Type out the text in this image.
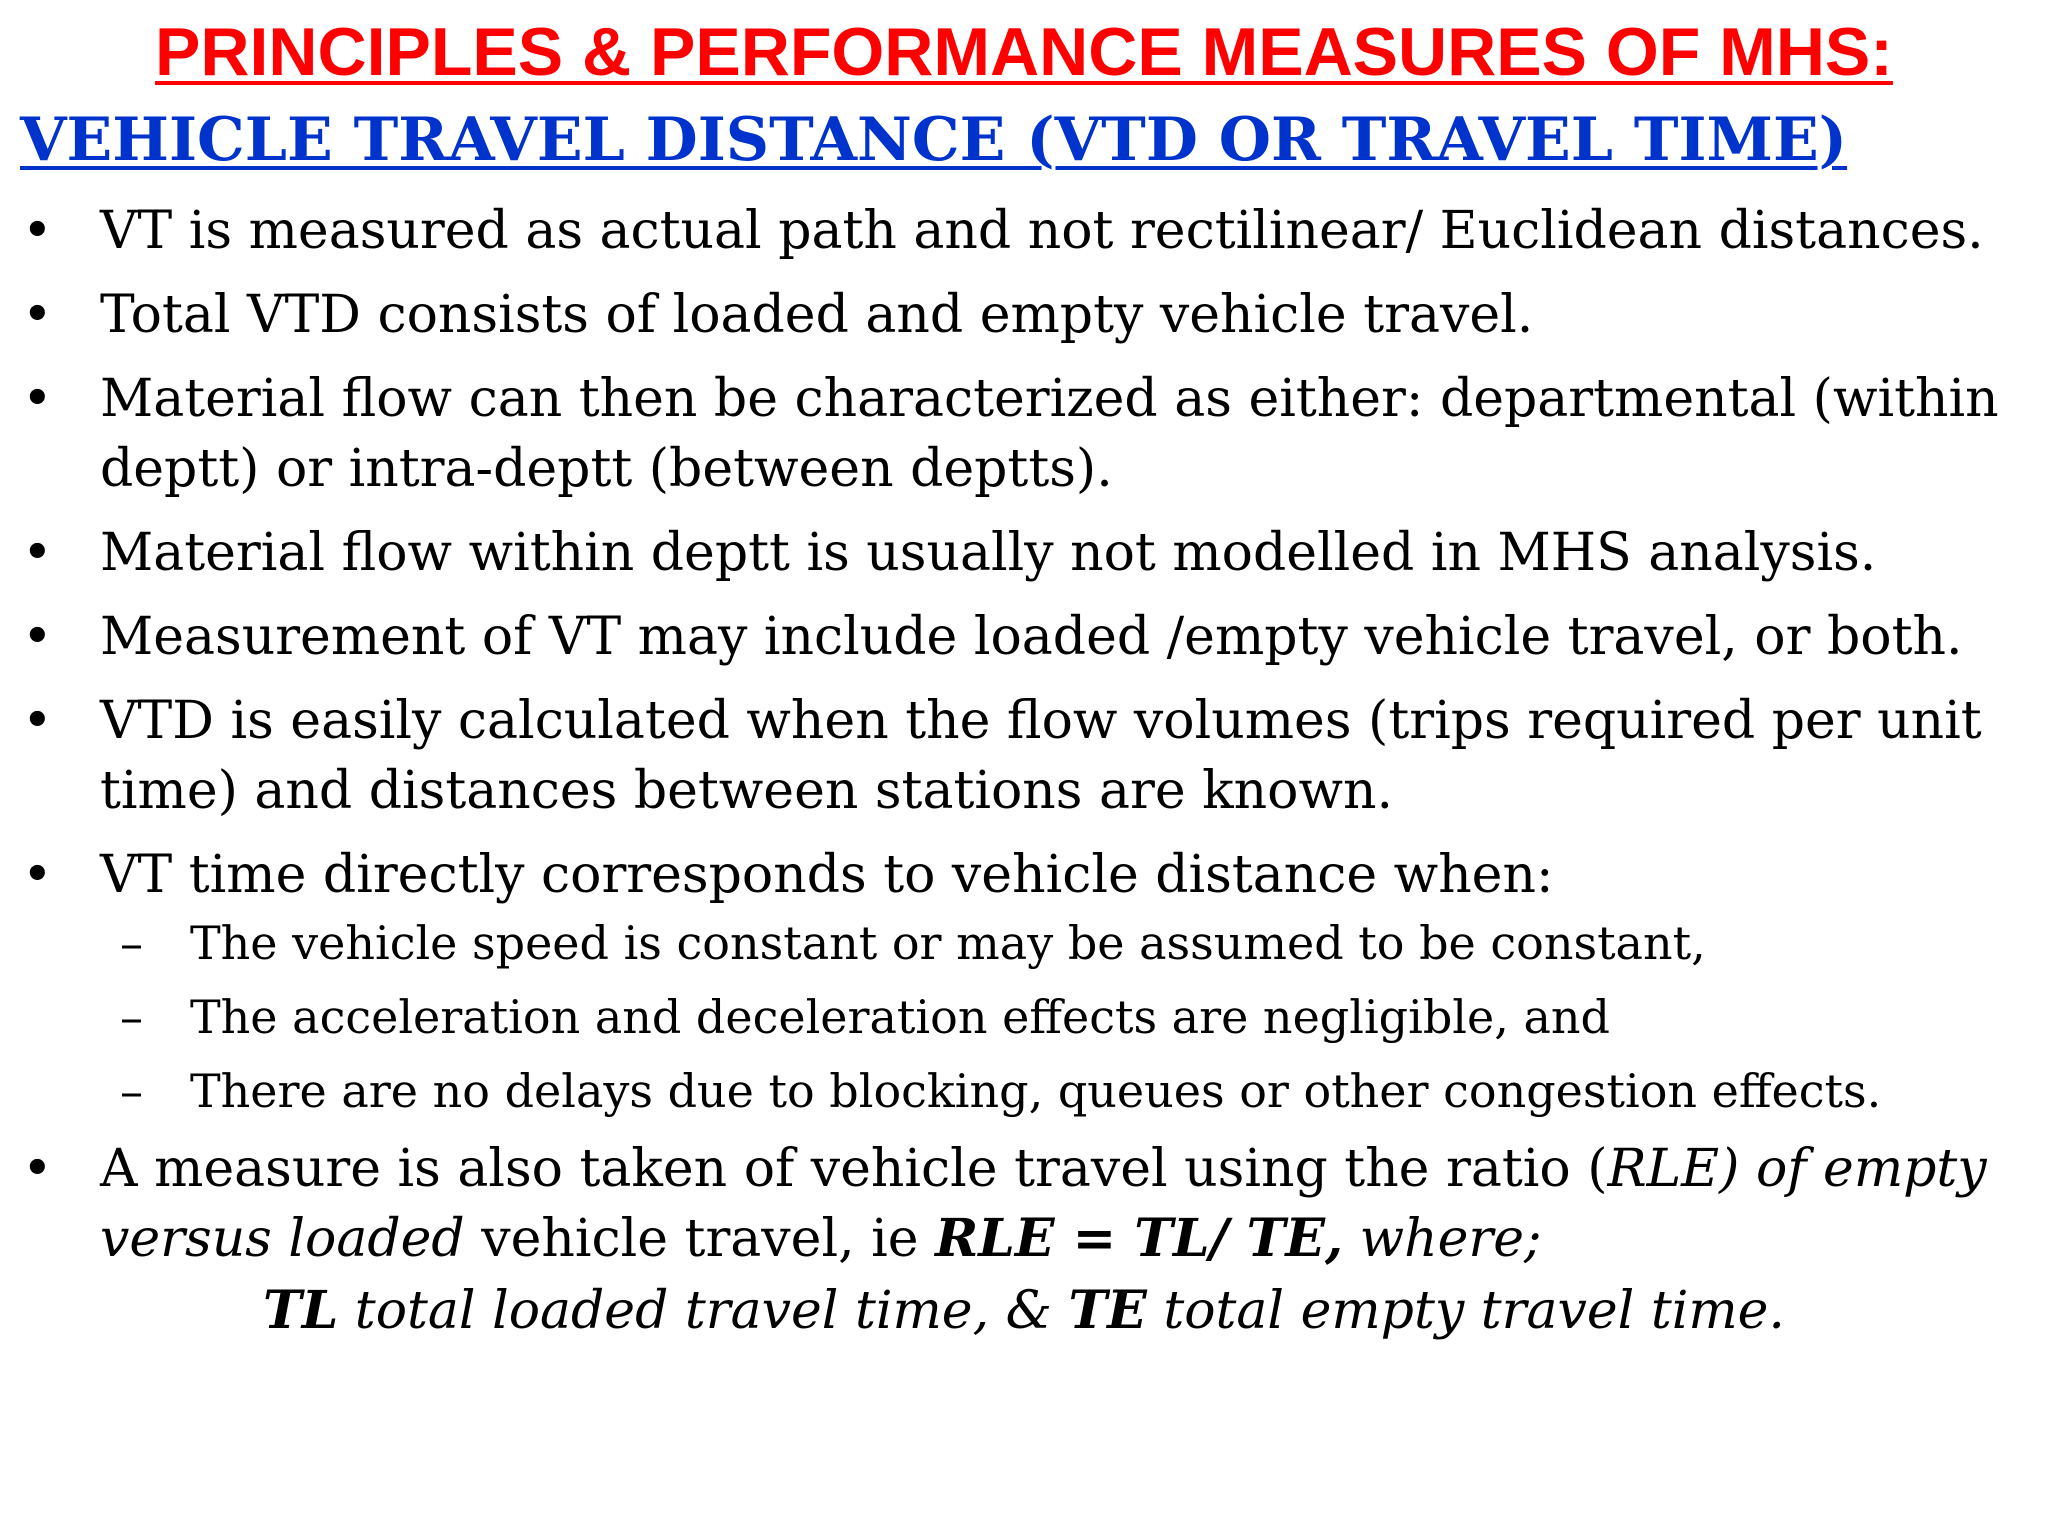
PRINCIPLES & PERFORMANCE MEASURES OF MHS:
VEHICLE TRAVEL DISTANCE (VTD OR TRAVEL TIME)
• VT is measured as actual path and not rectilinear/ Euclidean distances.
• Total VTD consists of loaded and empty vehicle travel.
• Material flow can then be characterized as either: departmental (within deptt) or intra-deptt (between deptts).
• Material flow within deptt is usually not modelled in MHS analysis.
• Measurement of VT may include loaded /empty vehicle travel, or both.
• VTD is easily calculated when the flow volumes (trips required per unit time) and distances between stations are known.
• VT time directly corresponds to vehicle distance when:
– The vehicle speed is constant or may be assumed to be constant,
– The acceleration and deceleration effects are negligible, and
– There are no delays due to blocking, queues or other congestion effects.
• A measure is also taken of vehicle travel using the ratio (RLE) of empty versus loaded vehicle travel, ie RLE = TL/ TE, where;
TL total loaded travel time, & TE total empty travel time.
